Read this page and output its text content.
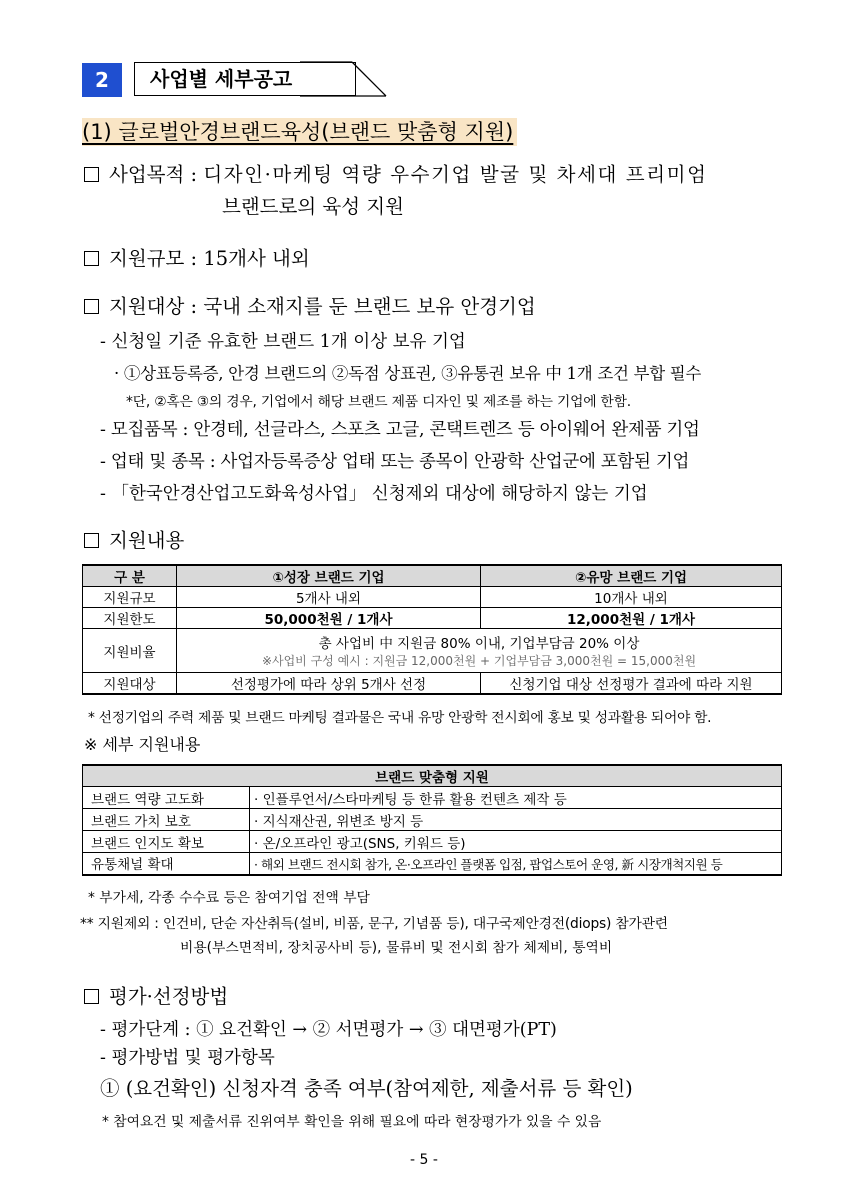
2	사업별 세부공고
(1) 글로벌안경브랜드육성(브랜드 맞춤형 지원)
사업목적 : 디자인·마케팅 역량 우수기업 발굴 및 차세대 프리미엄
브랜드로의 육성 지원
지원규모 : 15개사 내외
지원대상 : 국내 소재지를 둔 브랜드 보유 안경기업
- 신청일 기준 유효한 브랜드 1개 이상 보유 기업
· ①상표등록증, 안경 브랜드의 ②독점 상표권, ③유통권 보유 中 1개 조건 부합 필수
*단, ②혹은 ③의 경우, 기업에서 해당 브랜드 제품 디자인 및 제조를 하는 기업에 한함.
- 모집품목 : 안경테, 선글라스, 스포츠 고글, 콘택트렌즈 등 아이웨어 완제품 기업
- 업태 및 종목 : 사업자등록증상 업태 또는 종목이 안광학 산업군에 포함된 기업
- 「한국안경산업고도화육성사업」 신청제외 대상에 해당하지 않는 기업
지원내용
구 분	①성장 브랜드 기업	②유망 브랜드 기업
지원규모	5개사 내외	10개사 내외
지원한도	50,000천원 / 1개사	12,000천원 / 1개사
지원비율	총 사업비 中 지원금 80% 이내, 기업부담금 20% 이상
※사업비 구성 예시 : 지원금 12,000천원 + 기업부담금 3,000천원 = 15,000천원	

지원대상	선정평가에 따라 상위 5개사 선정	신청기업 대상 선정평가 결과에 따라 지원
* 선정기업의 주력 제품 및 브랜드 마케팅 결과물은 국내 유망 안광학 전시회에 홍보 및 성과활용 되어야 함.
※ 세부 지원내용
브랜드 맞춤형 지원	
브랜드 역량 고도화	· 인플루언서/스타마케팅 등 한류 활용 컨텐츠 제작 등
브랜드 가치 보호	· 지식재산권, 위변조 방지 등
브랜드 인지도 확보	· 온/오프라인 광고(SNS, 키워드 등)
유통채널 확대	· 해외 브랜드 전시회 참가, 온·오프라인 플랫폼 입점, 팝업스토어 운영, 新 시장개척지원 등
* 부가세, 각종 수수료 등은 참여기업 전액 부담
** 지원제외 : 인건비, 단순 자산취득(설비, 비품, 문구, 기념품 등), 대구국제안경전(diops) 참가관련
비용(부스면적비, 장치공사비 등), 물류비 및 전시회 참가 체제비, 통역비
평가·선정방법
- 평가단계 : ① 요건확인 → ② 서면평가 → ③ 대면평가(PT)
- 평가방법 및 평가항목
① (요건확인) 신청자격 충족 여부(참여제한, 제출서류 등 확인)
* 참여요건 및 제출서류 진위여부 확인을 위해 필요에 따라 현장평가가 있을 수 있음
- 5 -
